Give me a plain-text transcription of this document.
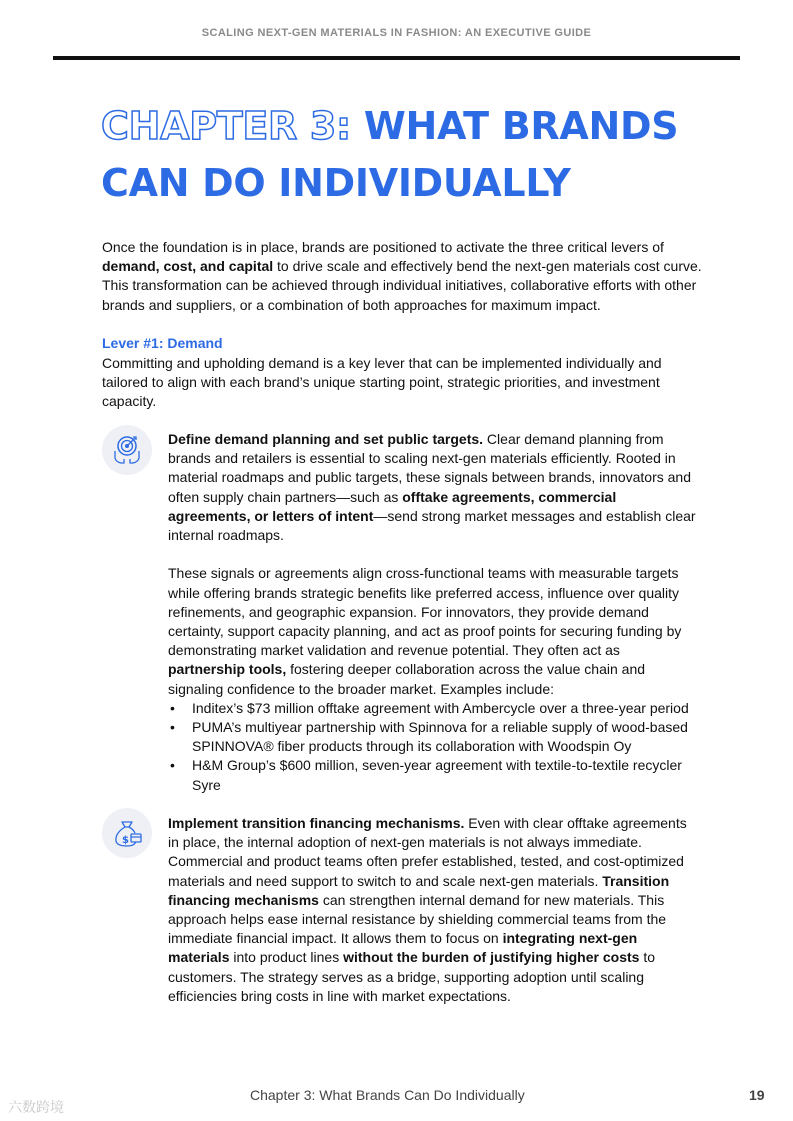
SCALING NEXT-GEN MATERIALS IN FASHION: AN EXECUTIVE GUIDE
CHAPTER 3: WHAT BRANDS CAN DO INDIVIDUALLY

Once the foundation is in place, brands are positioned to activate the three critical levers of demand, cost, and capital to drive scale and effectively bend the next-gen materials cost curve. This transformation can be achieved through individual initiatives, collaborative efforts with other brands and suppliers, or a combination of both approaches for maximum impact.

Lever #1: Demand

Committing and upholding demand is a key lever that can be implemented individually and tailored to align with each brand’s unique starting point, strategic priorities, and investment capacity.

Define demand planning and set public targets. Clear demand planning from brands and retailers is essential to scaling next-gen materials efficiently. Rooted in material roadmaps and public targets, these signals between brands, innovators and often supply chain partners—such as offtake agreements, commercial agreements, or letters of intent—send strong market messages and establish clear internal roadmaps.

These signals or agreements align cross-functional teams with measurable targets while offering brands strategic benefits like preferred access, influence over quality refinements, and geographic expansion. For innovators, they provide demand certainty, support capacity planning, and act as proof points for securing funding by demonstrating market validation and revenue potential. They often act as partnership tools, fostering deeper collaboration across the value chain and signaling confidence to the broader market. Examples include:

• Inditex’s $73 million offtake agreement with Ambercycle over a three-year period
• PUMA’s multiyear partnership with Spinnova for a reliable supply of wood-based SPINNOVA® fiber products through its collaboration with Woodspin Oy
• H&M Group’s $600 million, seven-year agreement with textile-to-textile recycler Syre
$

Implement transition financing mechanisms. Even with clear offtake agreements in place, the internal adoption of next-gen materials is not always immediate. Commercial and product teams often prefer established, tested, and cost-optimized materials and need support to switch to and scale next-gen materials. Transition financing mechanisms can strengthen internal demand for new materials. This approach helps ease internal resistance by shielding commercial teams from the immediate financial impact. It allows them to focus on integrating next-gen materials into product lines without the burden of justifying higher costs to customers. The strategy serves as a bridge, supporting adoption until scaling efficiencies bring costs in line with market expectations.

六数跨境
Chapter 3: What Brands Can Do Individually	19
